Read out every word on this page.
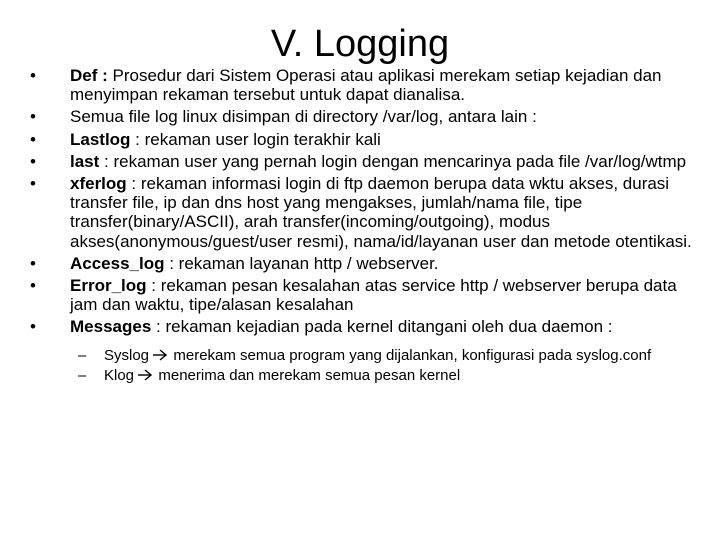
V. Logging
•	Def : Prosedur dari Sistem Operasi atau aplikasi merekam setiap kejadian dan menyimpan rekaman tersebut untuk dapat dianalisa.
•	Semua file log linux disimpan di directory /var/log, antara lain :
•	Lastlog : rekaman user login terakhir kali
•	last : rekaman user yang pernah login dengan mencarinya pada file /var/log/wtmp
•	xferlog : rekaman informasi login di ftp daemon berupa data wktu akses, durasi transfer file, ip dan dns host yang mengakses, jumlah/nama file, tipe transfer(binary/ASCII), arah transfer(incoming/outgoing), modus akses(anonymous/guest/user resmi), nama/id/layanan user dan metode otentikasi.
•	Access_log : rekaman layanan http / webserver.
•	Error_log : rekaman pesan kesalahan atas service http / webserver berupa data jam dan waktu, tipe/alasan kesalahan
•	Messages : rekaman kejadian pada kernel ditangani oleh dua daemon :
– Syslog  merekam semua program yang dijalankan, konfigurasi pada syslog.conf
– Klog  menerima dan merekam semua pesan kernel
